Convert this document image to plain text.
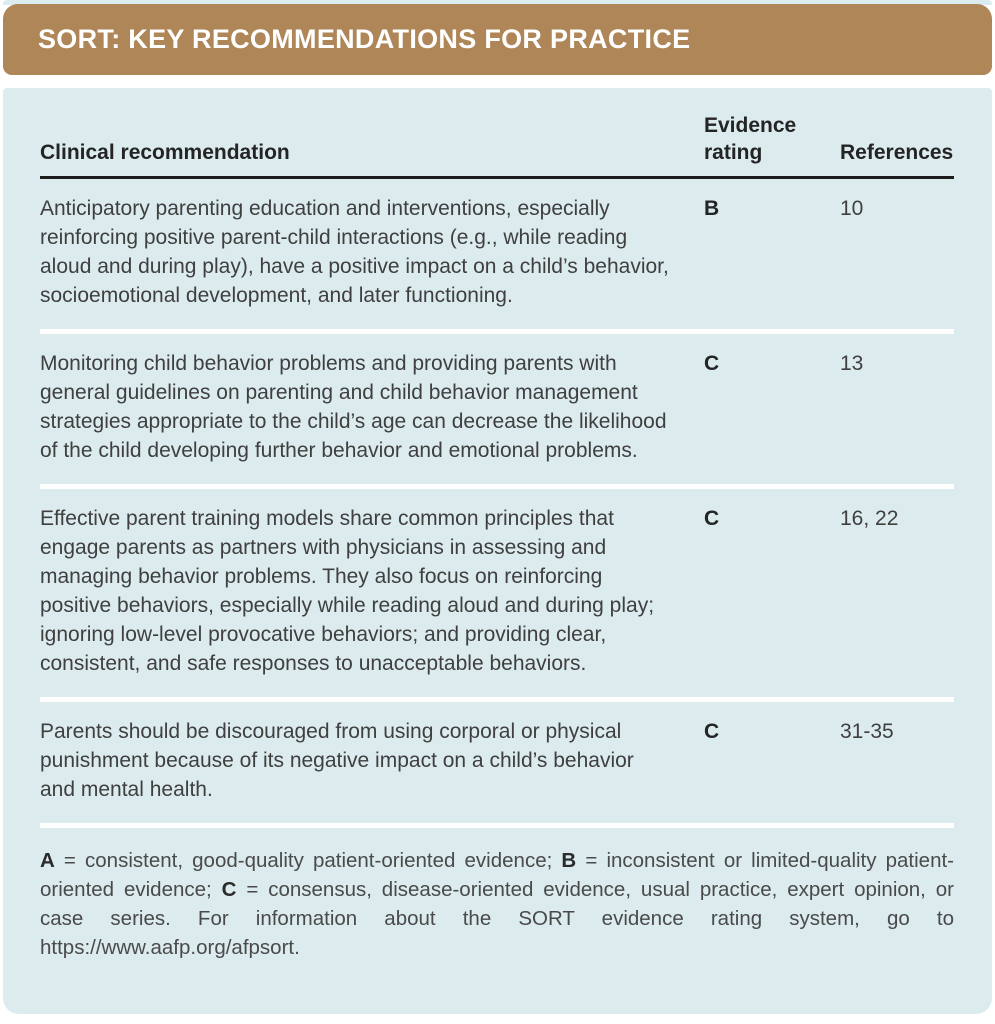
SORT: KEY RECOMMENDATIONS FOR PRACTICE
Clinical recommendation
Evidence rating	References
Anticipatory parenting education and interventions, especially reinforcing positive parent-child interactions (e.g., while reading aloud and during play), have a positive impact on a child’s behavior, socioemotional development, and later functioning.
B	10
Monitoring child behavior problems and providing parents with general guidelines on parenting and child behavior management strategies appropriate to the child’s age can decrease the likelihood of the child developing further behavior and emotional problems.
C	13
Effective parent training models share common principles that engage parents as partners with physicians in assessing and managing behavior problems. They also focus on reinforcing positive behaviors, especially while reading aloud and during play; ignoring low-level provocative behaviors; and providing clear, consistent, and safe responses to unacceptable behaviors.
C	16, 22
Parents should be discouraged from using corporal or physical punishment because of its negative impact on a child’s behavior and mental health.
C	31-35
A = consistent, good-quality patient-oriented evidence; B = inconsistent or limited-quality patient-oriented evidence; C = consensus, disease-oriented evidence, usual practice, expert opinion, or case series. For information about the SORT evidence rating system, go to https://www.aafp.org/afpsort.
